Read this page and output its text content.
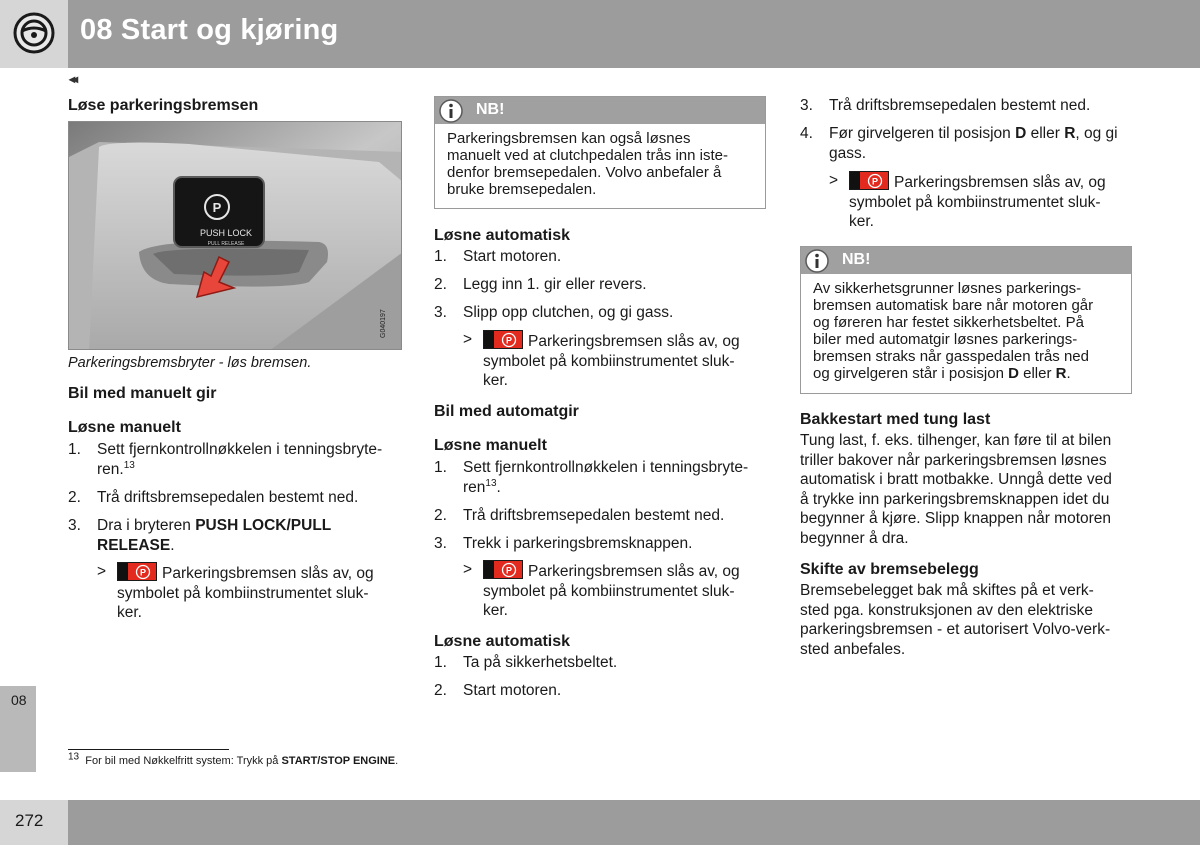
08 Start og kjøring
◂◂
08
Løse parkeringsbremsen
P
PUSH LOCK
PULL RELEASE
G040197
Parkeringsbremsbryter - løs bremsen.
Bil med manuelt gir
Løsne manuelt
1. Sett fjernkontrollnøkkelen i tenningsbryte-
ren.$^{13}$
2. Trå driftsbremsepedalen bestemt ned.
3. Dra i bryteren PUSH LOCK/PULL
RELEASE.
>	P Parkeringsbremsen slås av, og
symbolet på kombiinstrumentet sluk-
ker.
NB!
Parkeringsbremsen kan også løsnes
manuelt ved at clutchpedalen trås inn iste-
denfor bremsepedalen. Volvo anbefaler å
bruke bremsepedalen.
Løsne automatisk
1. Start motoren.
2. Legg inn 1. gir eller revers.
3. Slipp opp clutchen, og gi gass.
>	P Parkeringsbremsen slås av, og
symbolet på kombiinstrumentet sluk-
ker.
Bil med automatgir
Løsne manuelt
1. Sett fjernkontrollnøkkelen i tenningsbryte-
ren$^{13}$.
2. Trå driftsbremsepedalen bestemt ned.
3. Trekk i parkeringsbremsknappen.
>	P Parkeringsbremsen slås av, og
symbolet på kombiinstrumentet sluk-
ker.
Løsne automatisk
1. Ta på sikkerhetsbeltet.
2. Start motoren.
3. Trå driftsbremsepedalen bestemt ned.
4. Før girvelgeren til posisjon D eller R, og gi
gass.
>	P Parkeringsbremsen slås av, og
symbolet på kombiinstrumentet sluk-
ker.
NB!
Av sikkerhetsgrunner løsnes parkerings-
bremsen automatisk bare når motoren går
og føreren har festet sikkerhetsbeltet. På
biler med automatgir løsnes parkerings-
bremsen straks når gasspedalen trås ned
og girvelgeren står i posisjon D eller R.
Bakkestart med tung last
Tung last, f. eks. tilhenger, kan føre til at bilen
triller bakover når parkeringsbremsen løsnes
automatisk i bratt motbakke. Unngå dette ved
å trykke inn parkeringsbremsknappen idet du
begynner å kjøre. Slipp knappen når motoren
begynner å dra.
Skifte av bremsebelegg
Bremsebelegget bak må skiftes på et verk-
sted pga. konstruksjonen av den elektriske
parkeringsbremsen - et autorisert Volvo-verk-
sted anbefales.
$^{13}$ For bil med Nøkkelfritt system: Trykk på START/STOP ENGINE.
272
